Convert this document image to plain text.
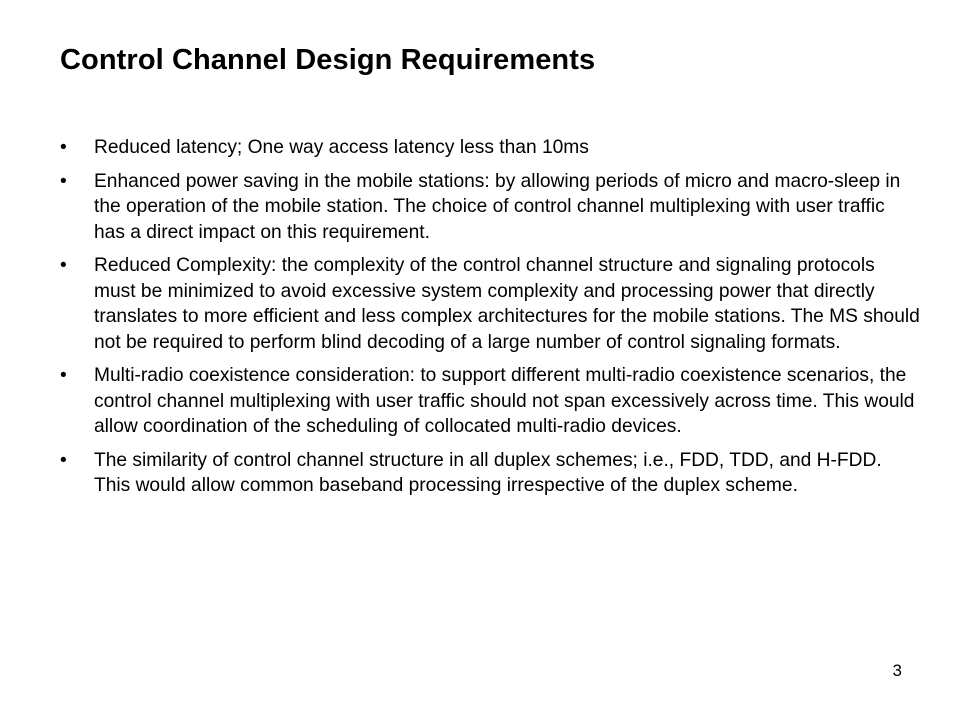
Control Channel Design Requirements
•	Reduced latency; One way access latency less than 10ms
•	Enhanced power saving in the mobile stations: by allowing periods of micro and macro-sleep in the operation of the mobile station. The choice of control channel multiplexing with user traffic has a direct impact on this requirement.
•	Reduced Complexity: the complexity of the control channel structure and signaling protocols must be minimized to avoid excessive system complexity and processing power that directly translates to more efficient and less complex architectures for the mobile stations. The MS should not be required to perform blind decoding of a large number of control signaling formats.
•	Multi-radio coexistence consideration: to support different multi-radio coexistence scenarios, the control channel multiplexing with user traffic should not span excessively across time. This would allow coordination of the scheduling of collocated multi-radio devices.
•	The similarity of control channel structure in all duplex schemes; i.e., FDD, TDD, and H-FDD. This would allow common baseband processing irrespective of the duplex scheme.
3
